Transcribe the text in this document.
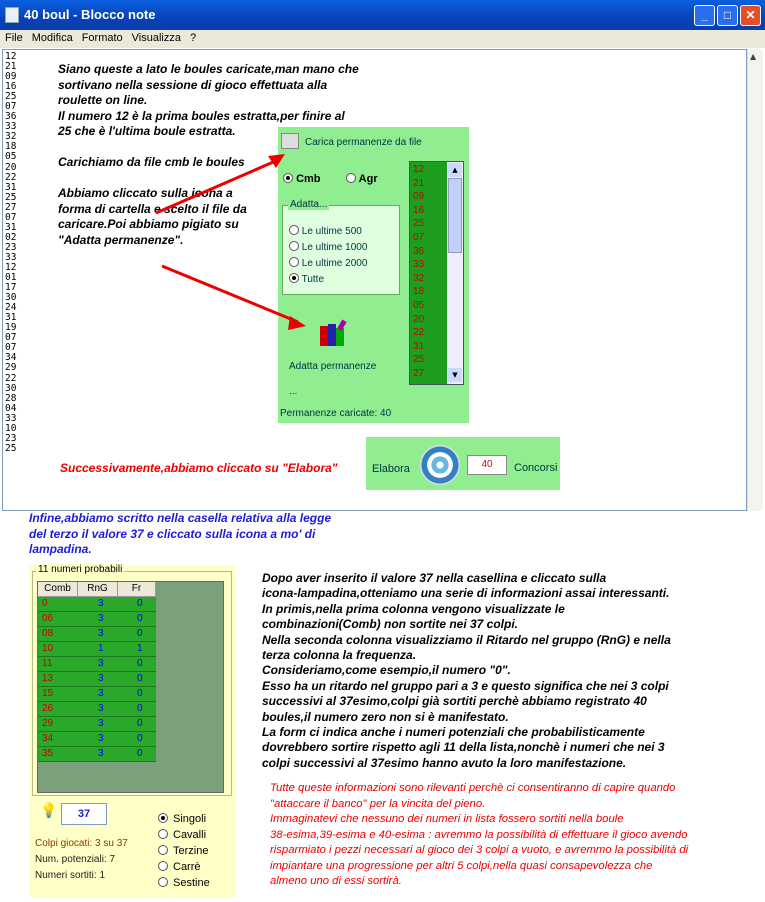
40 boul - Blocco note	_	□	✕
File Modifica Formato Visualizza ?
▲
12
21
09
16
25
07
36
33
32
18
05
20
22
31
25
27
07
31
02
23
33
12
01
17
30
24
31
19
07
07
34
29
22
30
28
04
33
10
23
25
Siano queste a lato le boules caricate,man mano che
sortivano nella sessione di gioco effettuata alla
roulette on line.
Il numero 12 è la prima boules estratta,per finire al
25 che è l'ultima boule estratta.
Carichiamo da file cmb le boules
Abbiamo cliccato sulla icona a
forma di cartella e scelto il file da
caricare.Poi abbiamo pigiato su
"Adatta permanenze".
Carica permanenze da file
Cmb	Agr
Adatta...
Le ultime 500
Le ultime 1000
Le ultime 2000
Tutte
Adatta permanenze
...
Permanenze caricate: 40
12
21
09
16
25
07
36
33
32
18
05
20
22
31
25
27
▲
▼
Successivamente,abbiamo cliccato su "Elabora"	Elabora	40	Concorsi
Infine,abbiamo scritto nella casella relativa alla legge
del terzo il valore 37 e cliccato sulla icona a mo' di
lampadina.
11 numeri probabili
Comb	RnG	Fr
0	3	0
06	3	0
08	3	0
10	1	1
11	3	0
13	3	0
15	3	0
26	3	0
29	3	0
34	3	0
35	3	0
💡	37	Singoli
Cavalli
Terzine
Carrè
Sestine
Colpi giocati: 3 su 37
Num. potenziali: 7
Numeri sortiti: 1
Dopo aver inserito il valore 37 nella casellina e cliccato sulla
icona-lampadina,otteniamo una serie di informazioni assai interessanti.
In primis,nella prima colonna vengono visualizzate le
combinazioni(Comb) non sortite nei 37 colpi.
Nella seconda colonna visualizziamo il Ritardo nel gruppo (RnG) e nella
terza colonna la frequenza.
Consideriamo,come esempio,il numero "0".
Esso ha un ritardo nel gruppo pari a 3 e questo significa che nei 3 colpi
successivi al 37esimo,colpi già sortiti perchè abbiamo registrato 40
boules,il numero zero non si è manifestato.
La form ci indica anche i numeri potenziali che probabilisticamente
dovrebbero sortire rispetto agli 11 della lista,nonchè i numeri che nei 3
colpi successivi al 37esimo hanno avuto la loro manifestazione.
Tutte queste informazioni sono rilevanti perchè ci consentiranno di capire quando
"attaccare il banco" per la vincita del pieno.
Immaginatevi che nessuno dei numeri in lista fossero sortiti nella boule
38-esima,39-esima e 40-esima : avremmo la possibilità di effettuare il gioco avendo
risparmiato i pezzi necessari al gioco dei 3 colpi a vuoto, e avremmo la possibilità di
impiantare una progressione per altri 5 colpi,nella quasi consapevolezza che
almeno uno di essi sortirà.
